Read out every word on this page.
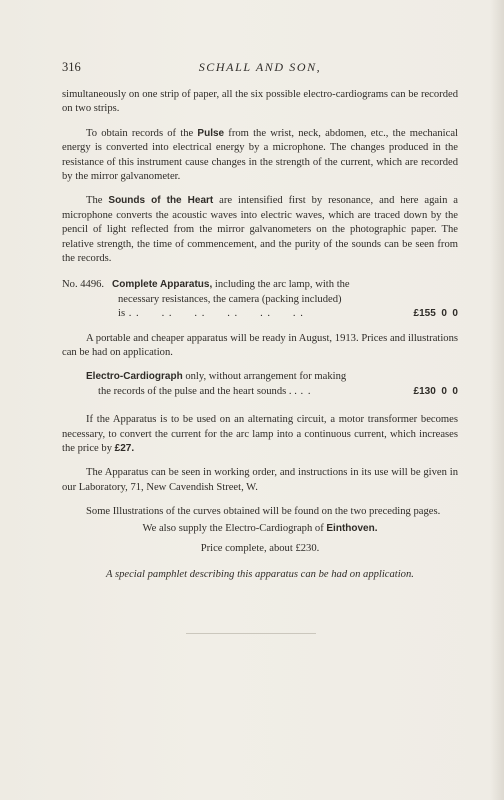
316	SCHALL AND SON,

simultaneously on one strip of paper, all the six possible electro-cardiograms can be recorded on two strips.

To obtain records of the Pulse from the wrist, neck, abdomen, etc., the mechanical energy is converted into electrical energy by a microphone. The changes produced in the resistance of this instrument cause changes in the strength of the current, which are recorded by the mirror galvanometer.

The Sounds of the Heart are intensified first by resonance, and here again a microphone converts the acoustic waves into electric waves, which are traced down by the pencil of light reflected from the mirror galvanometers on the photographic paper. The relative strength, the time of commencement, and the purity of the sounds can be seen from the records.

No. 4496. Complete Apparatus, including the arc lamp, with the
necessary resistances, the camera (packing included)
is . .      . .      . .      . .      . .      . .	£155  0  0

A portable and cheaper apparatus will be ready in August, 1913. Prices and illustrations can be had on application.

Electro-Cardiograph only, without arrangement for making
the records of the pulse and the heart sounds . . . .	£130  0  0

If the Apparatus is to be used on an alternating circuit, a motor transformer becomes necessary, to convert the current for the arc lamp into a continuous current, which increases the price by £27.

The Apparatus can be seen in working order, and instructions in its use will be given in our Laboratory, 71, New Cavendish Street, W.

Some Illustrations of the curves obtained will be found on the two preceding pages.

We also supply the Electro-Cardiograph of Einthoven.

Price complete, about £230.

A special pamphlet describing this apparatus can be had on application.
